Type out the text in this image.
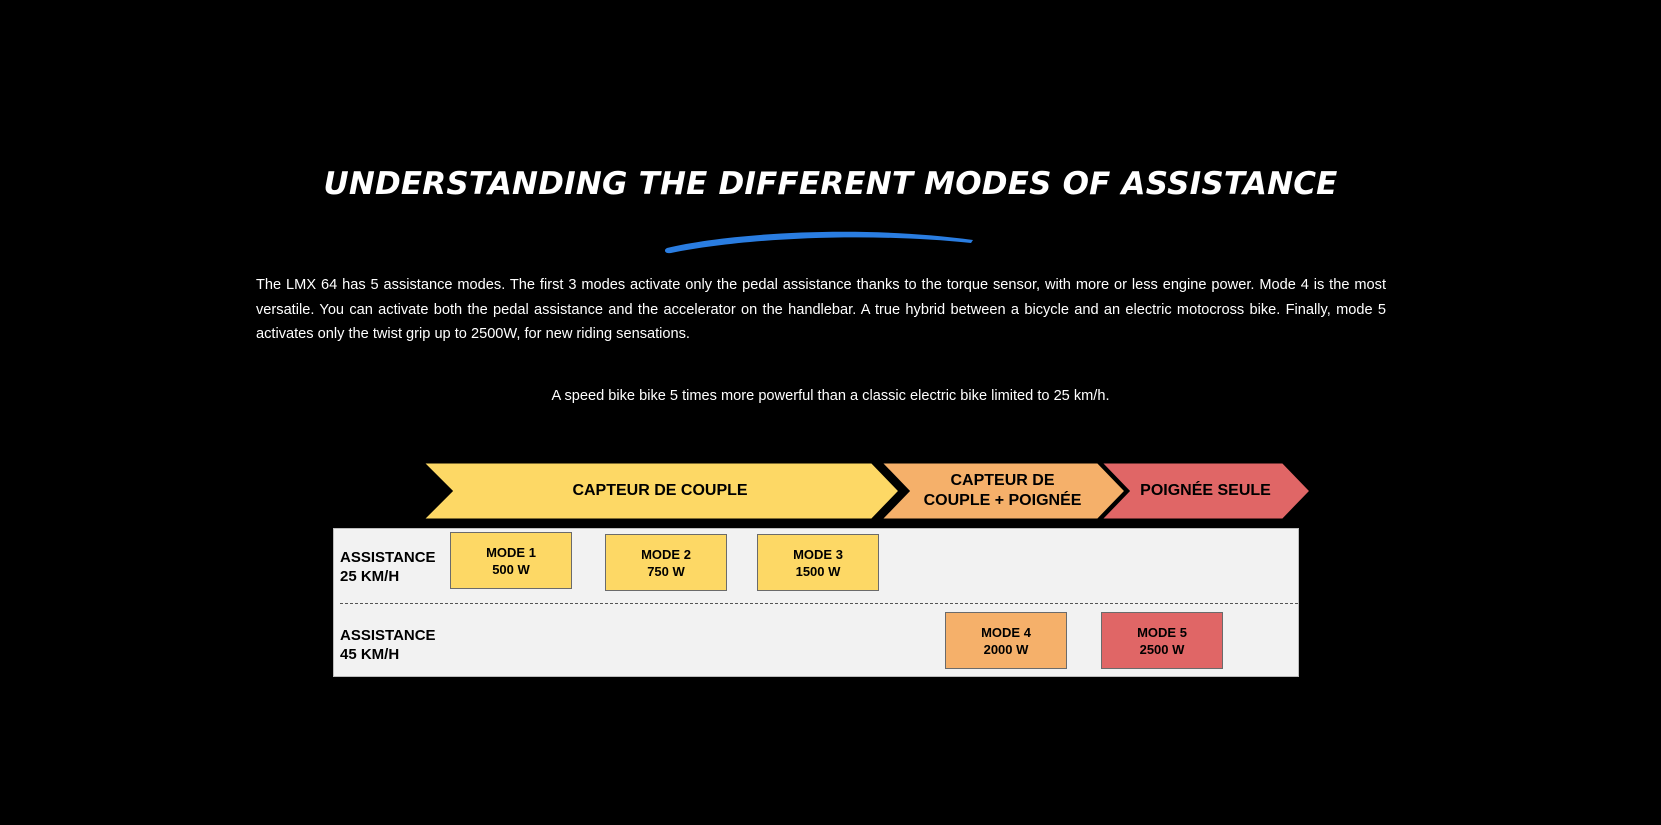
UNDERSTANDING THE DIFFERENT MODES OF ASSISTANCE

The LMX 64 has 5 assistance modes. The first 3 modes activate only the pedal assistance thanks to the torque sensor, with more or less engine power. Mode 4 is the most versatile. You can activate both the pedal assistance and the accelerator on the handlebar. A true hybrid between a bicycle and an electric motocross bike. Finally, mode 5 activates only the twist grip up to 2500W, for new riding sensations.

A speed bike bike 5 times more powerful than a classic electric bike limited to 25 km/h.

CAPTEUR DE COUPLE
CAPTEUR DE
COUPLE + POIGNÉE
POIGNÉE SEULE
ASSISTANCE
25 KM/H
ASSISTANCE
45 KM/H
MODE 1
500 W
MODE 2
750 W
MODE 3
1500 W
MODE 4
2000 W
MODE 5
2500 W
